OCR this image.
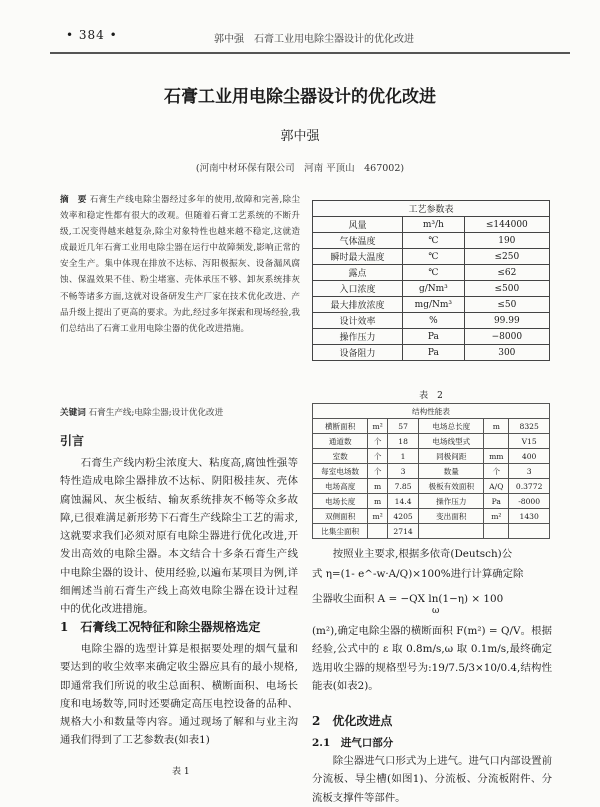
• 384 •	郭中强　石膏工业用电除尘器设计的优化改进
石膏工业用电除尘器设计的优化改进
郭中强
(河南中材环保有限公司　河南 平顶山　467002)
摘　要 石膏生产线电除尘器经过多年的使用,故障和完善,除尘效率和稳定性都有很大的改观。但随着石膏工艺系统的不断升级,工况变得越来越复杂,除尘对象特性也越来越不稳定,这就造成最近几年石膏工业用电除尘器在运行中故障频发,影响正常的安全生产。集中体现在排放不达标、泻阳极振灰、设备漏风腐蚀、保温效果不佳、粉尘堵塞、壳体承压不够、卸灰系统排灰不畅等诸多方面,这就对设备研发生产厂家在技术优化改进、产品升级上提出了更高的要求。为此,经过多年探索和现场经验,我们总结出了石膏工业用电除尘器的优化改进措施。
关键词 石膏生产线;电除尘器;设计优化改进
引言
石膏生产线内粉尘浓度大、粘度高,腐蚀性强等特性造成电除尘器排放不达标、阴阳极挂灰、壳体腐蚀漏风、灰尘板结、输灰系统排灰不畅等众多故障,已很难满足新形势下石膏生产线除尘工艺的需求,这就要求我们必须对原有电除尘器进行优化改进,开发出高效的电除尘器。本文结合十多条石膏生产线中电除尘器的设计、使用经验,以遍布某项目为例,详细阐述当前石膏生产线上高效电除尘器在设计过程中的优化改进措施。
1　石膏线工况特征和除尘器规格选定
电除尘器的选型计算是根据要处理的烟气量和要达到的收尘效率来确定收尘器应具有的最小规格,即通常我们所说的收尘总面积、横断面积、电场长度和电场数等,同时还要确定高压电控设备的品种、规格大小和数量等内容。通过现场了解和与业主沟通我们得到了工艺参数表(如表1)
工艺参数表		
风量	m³/h	≤144000
气体温度	℃	190
瞬时最大温度	℃	≤250
露点	℃	≤62
入口浓度	g/Nm³	≤500
最大排放浓度	mg/Nm³	≤50
设计效率	%	99.99
操作压力	Pa	−8000
设备阻力	Pa	300
表　2
结构性能表					
横断面积	m²	57	电场总长度	m	8325
通道数	个	18	电场线型式		V15
室数	个	1	同极间距	mm	400
每室电场数	个	3	数量	个	3
电场高度	m	7.85	极板有效面积	A/Q	0.3772
电场长度	m	14.4	操作压力	Pa	-8000
双侧面积	m²	4205	变出面积	m²	1430
比集尘面积		2714			
按照业主要求,根据多依奇(Deutsch)公
式 η=(1- e^-w·A/Q)×100%进行计算确定除
尘器收尘面积 A = −QX ln(1−η) × 100
ω
(m²),确定电除尘器的横断面积 F(m²) = Q/V。根据经验,公式中的 ε 取 0.8m/s,ω 取 0.1m/s,最终确定选用收尘器的规格型号为:19/7.5/3×10/0.4,结构性能表(如表2)。
2　优化改进点
2.1　进气口部分
除尘器进气口形式为上进气。进气口内部设置前分流板、导尘槽(如图1)、分流板、分流板附件、分流板支撑件等部件。
表 1
